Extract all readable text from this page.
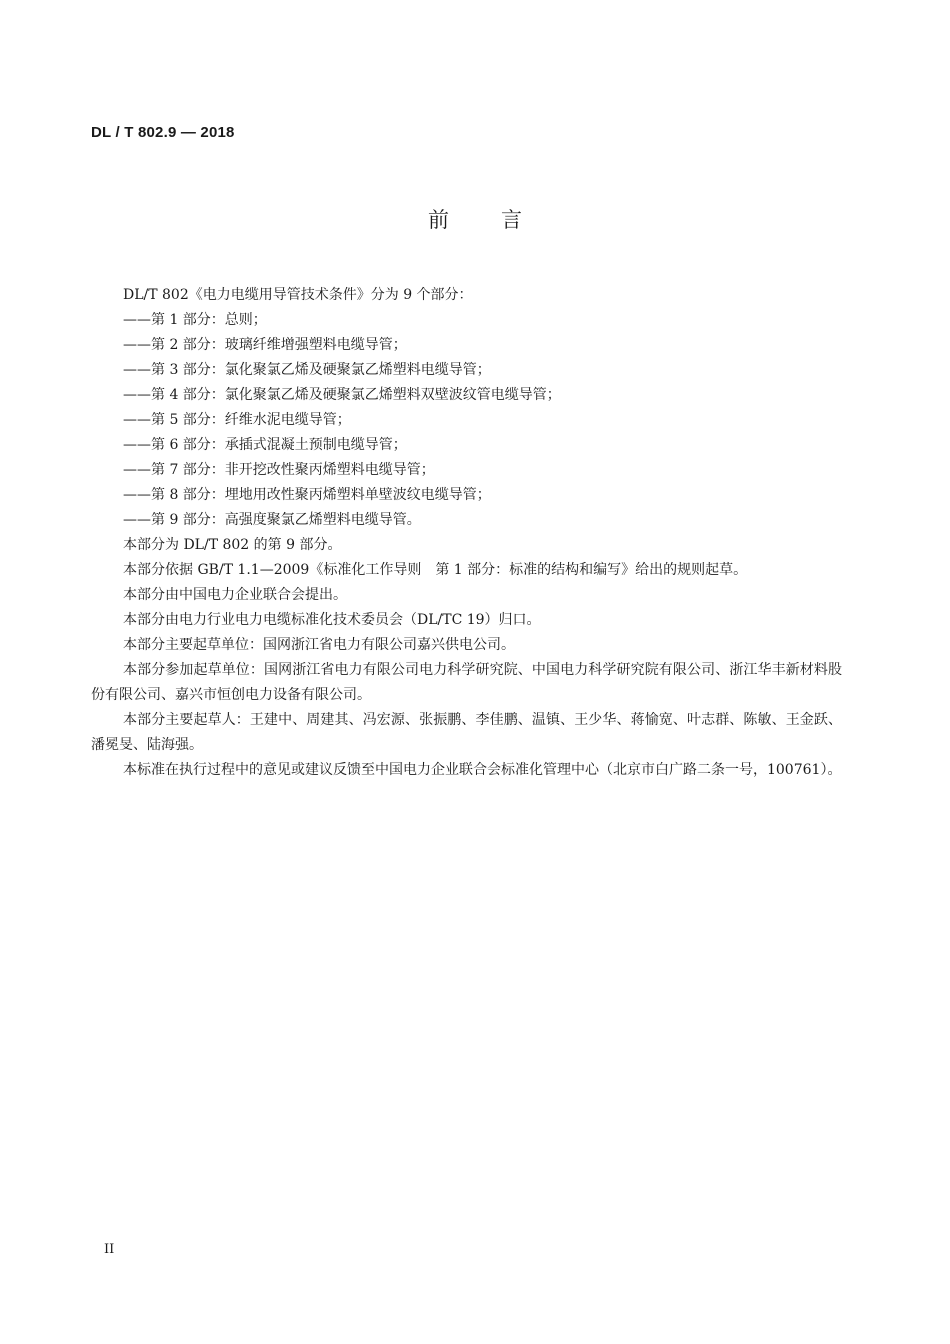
DL / T 802.9 — 2018
前言

DL/T 802《电力电缆用导管技术条件》分为 9 个部分：

——第 1 部分：总则；
——第 2 部分：玻璃纤维增强塑料电缆导管；
——第 3 部分：氯化聚氯乙烯及硬聚氯乙烯塑料电缆导管；
——第 4 部分：氯化聚氯乙烯及硬聚氯乙烯塑料双壁波纹管电缆导管；
——第 5 部分：纤维水泥电缆导管；
——第 6 部分：承插式混凝土预制电缆导管；
——第 7 部分：非开挖改性聚丙烯塑料电缆导管；
——第 8 部分：埋地用改性聚丙烯塑料单壁波纹电缆导管；
——第 9 部分：高强度聚氯乙烯塑料电缆导管。

本部分为 DL/T 802 的第 9 部分。

本部分依据 GB/T 1.1—2009《标准化工作导则　第 1 部分：标准的结构和编写》给出的规则起草。

本部分由中国电力企业联合会提出。

本部分由电力行业电力电缆标准化技术委员会（DL/TC 19）归口。

本部分主要起草单位：国网浙江省电力有限公司嘉兴供电公司。

本部分参加起草单位：国网浙江省电力有限公司电力科学研究院、中国电力科学研究院有限公司、浙江华丰新材料股份有限公司、嘉兴市恒创电力设备有限公司。

本部分主要起草人：王建中、周建其、冯宏源、张振鹏、李佳鹏、温镇、王少华、蒋愉宽、叶志群、陈敏、王金跃、潘冕旻、陆海强。

本标准在执行过程中的意见或建议反馈至中国电力企业联合会标准化管理中心（北京市白广路二条一号，100761）。

II
